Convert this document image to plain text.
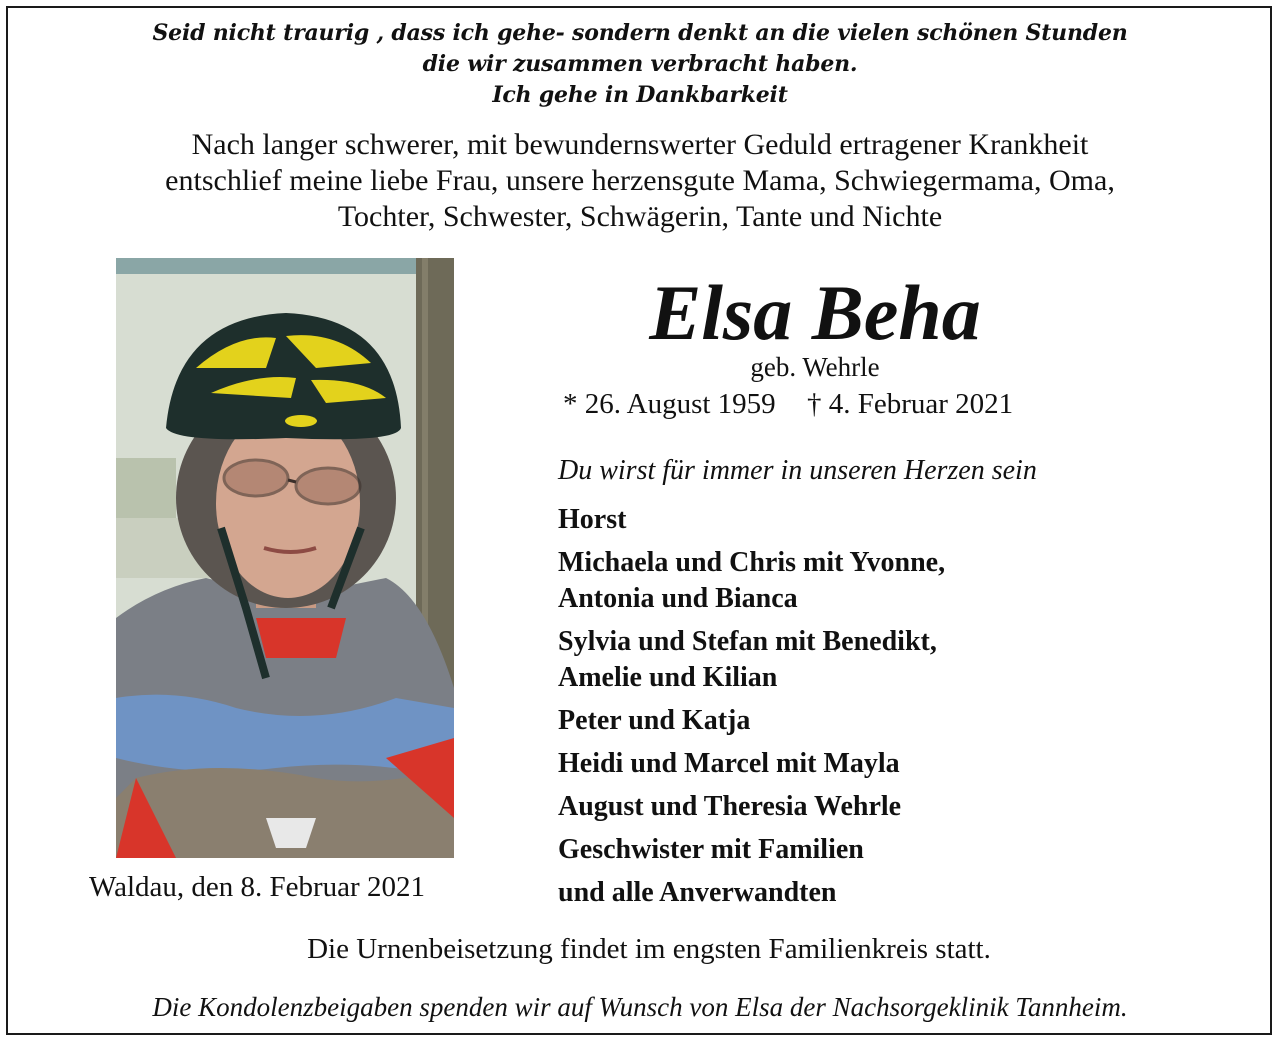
Seid nicht traurig , dass ich gehe- sondern denkt an die vielen schönen Stunden
die wir zusammen verbracht haben.
Ich gehe in Dankbarkeit
Nach langer schwerer, mit bewundernswerter Geduld ertragener Krankheit
entschlief meine liebe Frau, unsere herzensgute Mama, Schwiegermama, Oma,
Tochter, Schwester, Schwägerin, Tante und Nichte
Waldau, den 8. Februar 2021
Elsa Beha
geb. Wehrle
* 26. August 1959 † 4. Februar 2021
Du wirst für immer in unseren Herzen sein
Horst
Michaela und Chris mit Yvonne,
Antonia und Bianca
Sylvia und Stefan mit Benedikt,
Amelie und Kilian
Peter und Katja
Heidi und Marcel mit Mayla
August und Theresia Wehrle
Geschwister mit Familien
und alle Anverwandten
Die Urnenbeisetzung findet im engsten Familienkreis statt.
Die Kondolenzbeigaben spenden wir auf Wunsch von Elsa der Nachsorgeklinik Tannheim.
